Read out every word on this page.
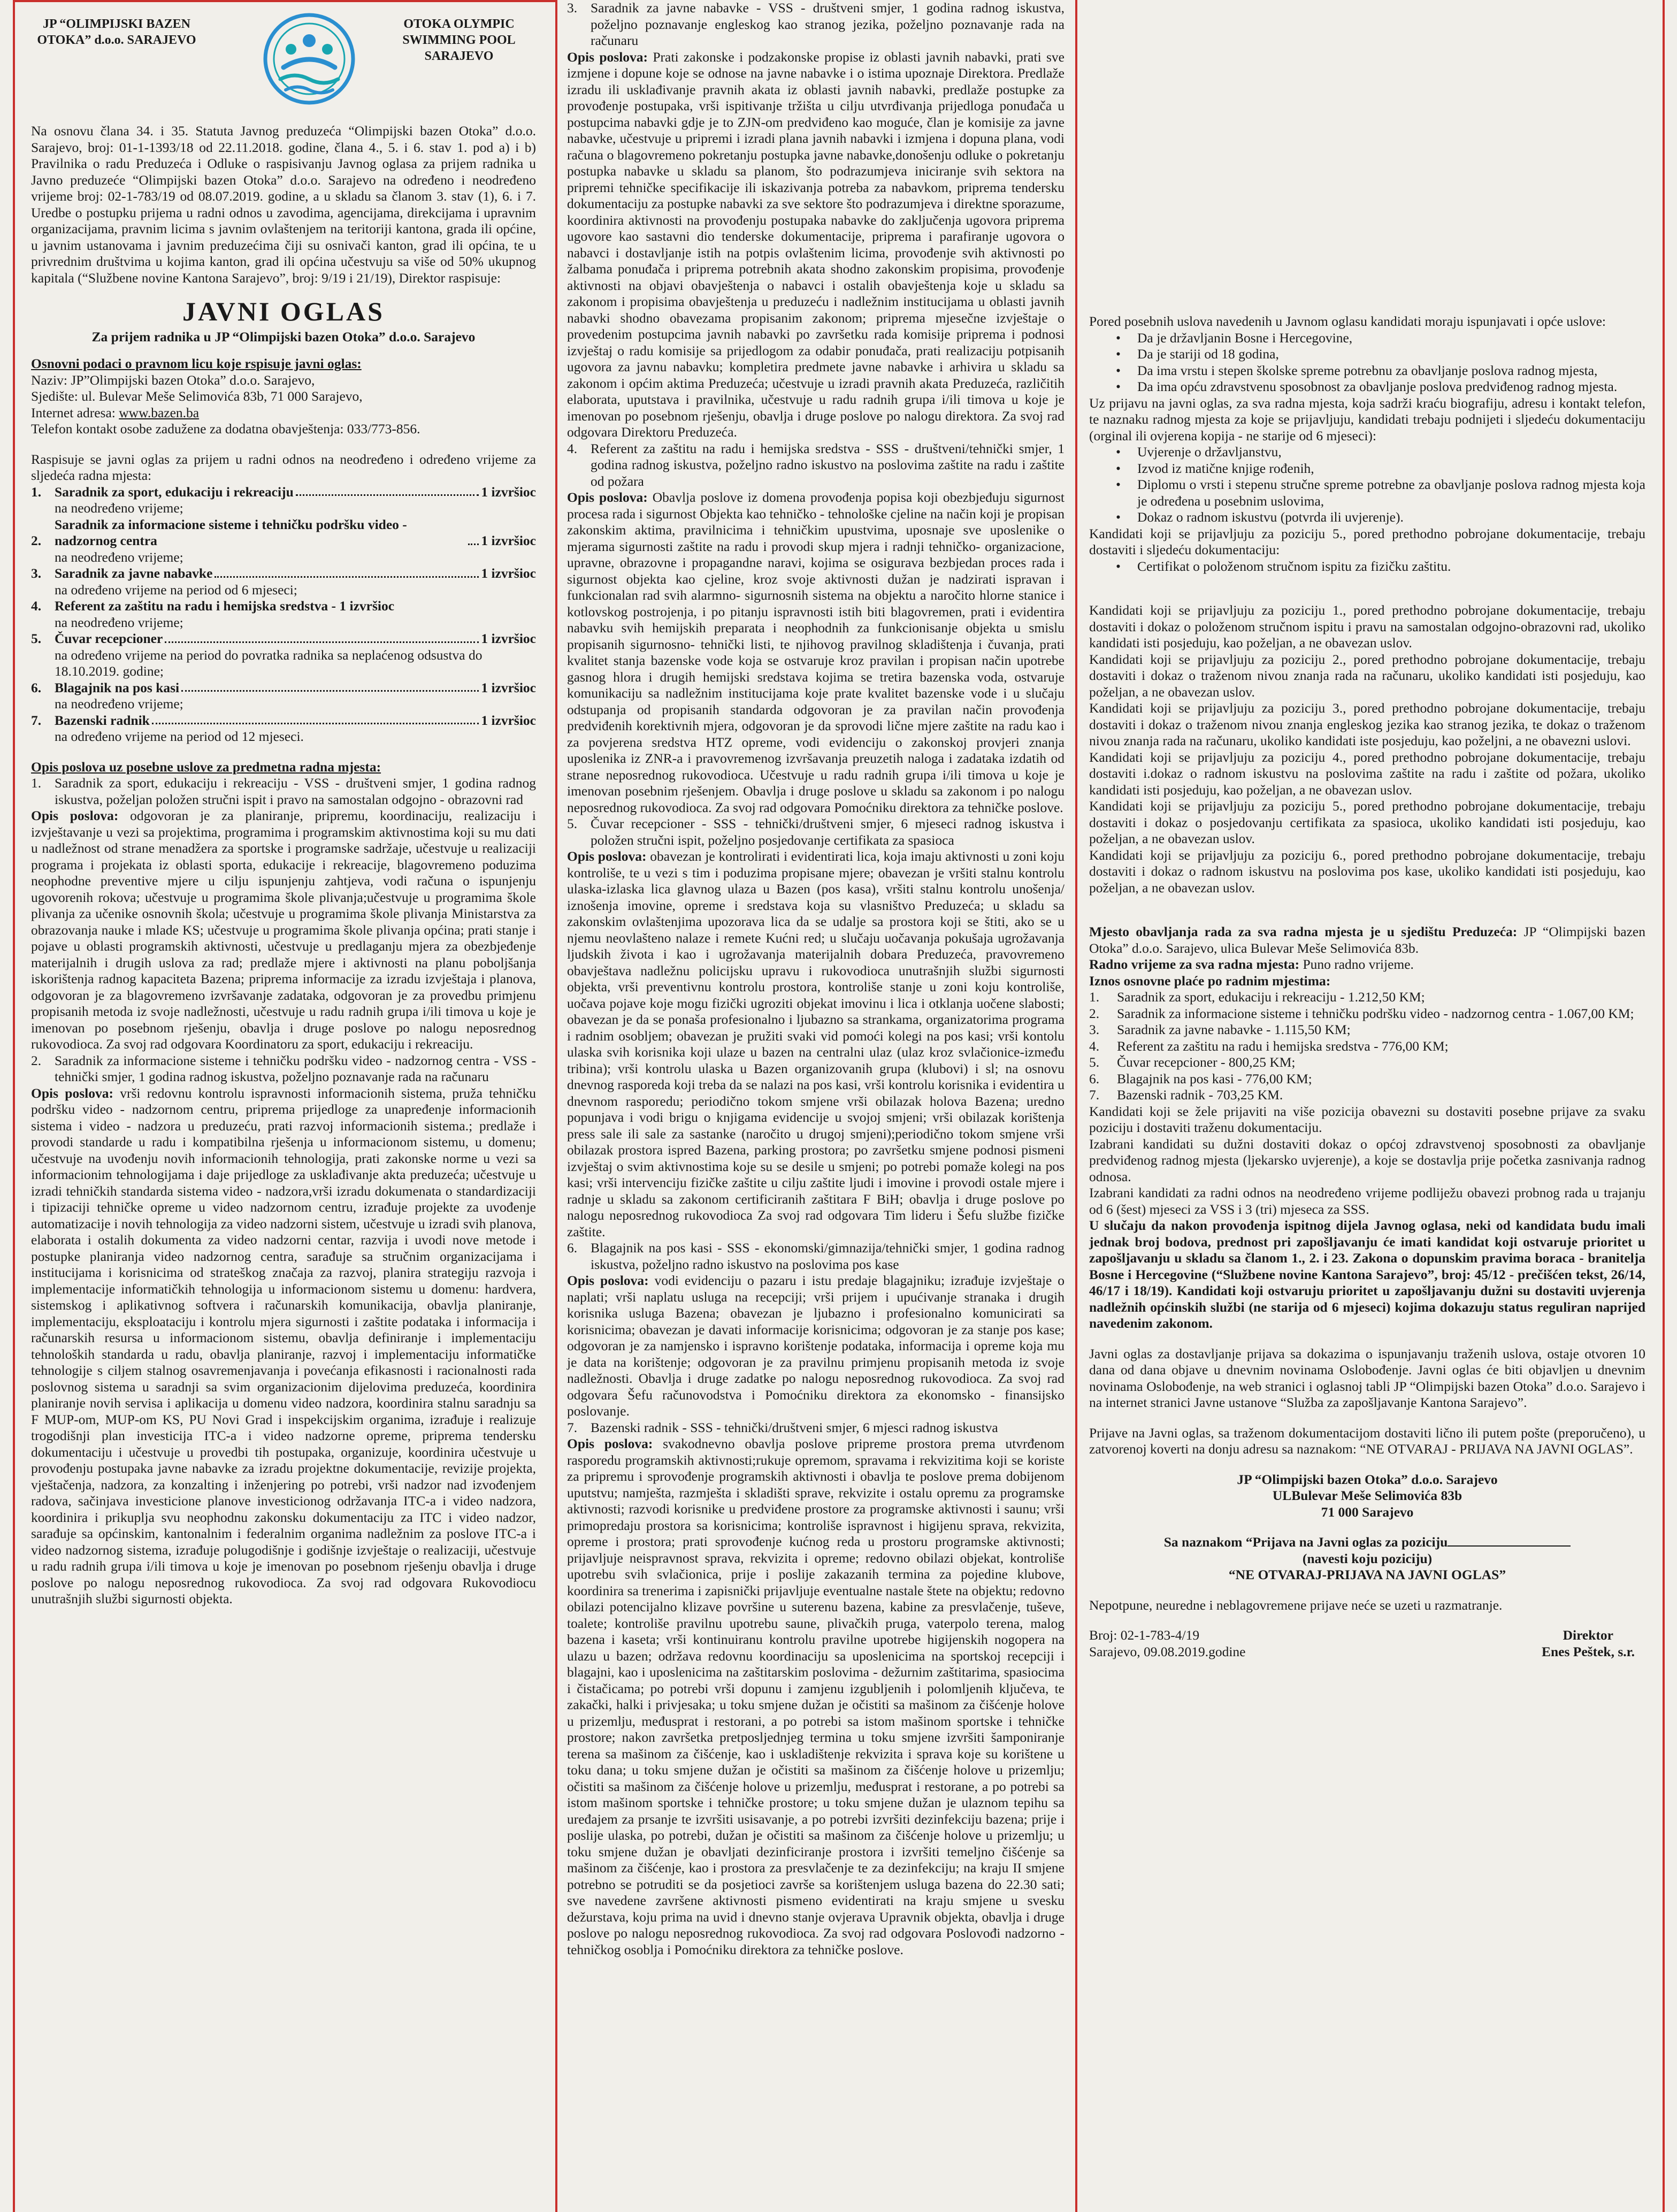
JP “OLIMPIJSKI BAZEN OTOKA” d.o.o. SARAJEVO
OTOKA OLYMPIC SWIMMING POOL SARAJEVO

Na osnovu člana 34. i 35. Statuta Javnog preduzeća “Olimpijski bazen Otoka” d.o.o. Sarajevo, broj: 01-1-1393/18 od 22.11.2018. godine, člana 4., 5. i 6. stav 1. pod a) i b) Pravilnika o radu Preduzeća i Odluke o raspisivanju Javnog oglasa za prijem radnika u Javno preduzeće “Olimpijski bazen Otoka” d.o.o. Sarajevo na određeno i neodređeno vrijeme broj: 02-1-783/19 od 08.07.2019. godine, a u skladu sa članom 3. stav (1), 6. i 7. Uredbe o postupku prijema u radni odnos u zavodima, agencijama, direkcijama i upravnim organizacijama, pravnim licima s javnim ovlaštenjem na teritoriji kantona, grada ili općine, u javnim ustanovama i javnim preduzećima čiji su osnivači kanton, grad ili općina, te u privrednim društvima u kojima kanton, grad ili općina učestvuju sa više od 50% ukupnog kapitala (“Službene novine Kantona Sarajevo”, broj: 9/19 i 21/19), Direktor raspisuje:

JAVNI OGLAS
Za prijem radnika u JP “Olimpijski bazen Otoka” d.o.o. Sarajevo

Osnovni podaci o pravnom licu koje rspisuje javni oglas:

Naziv: JP”Olimpijski bazen Otoka” d.o.o. Sarajevo,

Sjedište: ul. Bulevar Meše Selimovića 83b, 71 000 Sarajevo,

Internet adresa: www.bazen.ba

Telefon kontakt osobe zadužene za dodatna obavještenja: 033/773-856.

Raspisuje se javni oglas za prijem u radni odnos na neodređeno i određeno vrijeme za sljedeća radna mjesta:

1. Saradnik za sport, edukaciju i rekreaciju	1 izvršioc
na neodređeno vrijeme;
2.
Saradnik za informacione sisteme i tehničku podršku video - nadzornog centra	1 izvršioc
na neodređeno vrijeme;
3. Saradnik za javne nabavke	1 izvršioc
na određeno vrijeme na period od 6 mjeseci;
4. Referent za zaštitu na radu i hemijska sredstva - 1 izvršioc
na neodređeno vrijeme;
5. Čuvar recepcioner	1 izvršioc
na određeno vrijeme na period do povratka radnika sa neplaćenog odsustva do 18.10.2019. godine;
6. Blagajnik na pos kasi	1 izvršioc
na neodređeno vrijeme;
7. Bazenski radnik	1 izvršioc
na određeno vrijeme na period od 12 mjeseci.

Opis poslova uz posebne uslove za predmetna radna mjesta:

1. Saradnik za sport, edukaciju i rekreaciju - VSS - društveni smjer, 1 godina radnog iskustva, poželjan položen stručni ispit i pravo na samostalan odgojno - obrazovni rad

Opis poslova: odgovoran je za planiranje, pripremu, koordinaciju, realizaciju i izvještavanje u vezi sa projektima, programima i programskim aktivnostima koji su mu dati u nadležnost od strane menadžera za sportske i programske sadržaje, učestvuje u realizaciji programa i projekata iz oblasti sporta, edukacije i rekreacije, blagovremeno poduzima neophodne preventive mjere u cilju ispunjenju zahtjeva, vodi računa o ispunjenju ugovorenih rokova; učestvuje u programima škole plivanja;učestvuje u programima škole plivanja za učenike osnovnih škola; učestvuje u programima škole plivanja Ministarstva za obrazovanja nauke i mlade KS; učestvuje u programima škole plivanja općina; prati stanje i pojave u oblasti programskih aktivnosti, učestvuje u predlaganju mjera za obezbjeđenje materijalnih i drugih uslova za rad; predlaže mjere i aktivnosti na planu poboljšanja iskorištenja radnog kapaciteta Bazena; priprema informacije za izradu izvještaja i planova, odgovoran je za blagovremeno izvršavanje zadataka, odgovoran je za provedbu primjenu propisanih metoda iz svoje nadležnosti, učestvuje u radu radnih grupa i/ili timova u koje je imenovan po posebnom rješenju, obavlja i druge poslove po nalogu neposrednog rukovodioca. Za svoj rad odgovara Koordinatoru za sport, edukaciju i rekreaciju.

2. Saradnik za informacione sisteme i tehničku podršku video - nadzornog centra - VSS - tehnički smjer, 1 godina radnog iskustva, poželjno poznavanje rada na računaru

Opis poslova: vrši redovnu kontrolu ispravnosti informacionih sistema, pruža tehničku podršku video - nadzornom centru, priprema prijedloge za unapređenje informacionih sistema i video - nadzora u preduzeću, prati razvoj informacionih sistema.; predlaže i provodi standarde u radu i kompatibilna rješenja u informacionom sistemu, u domenu; učestvuje na uvođenju novih informacionih tehnologija, prati zakonske norme u vezi sa informacionim tehnologijama i daje prijedloge za usklađivanje akta preduzeća; učestvuje u izradi tehničkih standarda sistema video - nadzora,vrši izradu dokumenata o standardizaciji i tipizaciji tehničke opreme u video nadzornom centru, izrađuje projekte za uvođenje automatizacije i novih tehnologija za video nadzorni sistem, učestvuje u izradi svih planova, elaborata i ostalih dokumenta za video nadzorni centar, razvija i uvodi nove metode i postupke planiranja video nadzornog centra, sarađuje sa stručnim organizacijama i institucijama i korisnicima od strateškog značaja za razvoj, planira strategiju razvoja i implementacije informatičkih tehnologija u informacionom sistemu u domenu: hardvera, sistemskog i aplikativnog softvera i računarskih komunikacija, obavlja planiranje, implementaciju, eksploataciju i kontrolu mjera sigurnosti i zaštite podataka i informacija i računarskih resursa u informacionom sistemu, obavlja definiranje i implementaciju tehnoloških standarda u radu, obavlja planiranje, razvoj i implementaciju informatičke tehnologije s ciljem stalnog osavremenjavanja i povećanja efikasnosti i racionalnosti rada poslovnog sistema u saradnji sa svim organizacionim dijelovima preduzeća, koordinira planiranje novih servisa i aplikacija u domenu video nadzora, koordinira stalnu saradnju sa F MUP-om, MUP-om KS, PU Novi Grad i inspekcijskim organima, izrađuje i realizuje trogodišnji plan investicija ITC-a i video nadzorne opreme, priprema tendersku dokumentaciju i učestvuje u provedbi tih postupaka, organizuje, koordinira učestvuje u provođenju postupaka javne nabavke za izradu projektne dokumentacije, revizije projekta, vještačenja, nadzora, za konzalting i inženjering po potrebi, vrši nadzor nad izvođenjem radova, sačinjava investicione planove investicionog održavanja ITC-a i video nadzora, koordinira i prikuplja svu neophodnu zakonsku dokumentaciju za ITC i video nadzor, sarađuje sa općinskim, kantonalnim i federalnim organima nadležnim za poslove ITC-a i video nadzornog sistema, izrađuje polugodišnje i godišnje izvještaje o realizaciji, učestvuje u radu radnih grupa i/ili timova u koje je imenovan po posebnom rješenju obavlja i druge poslove po nalogu neposrednog rukovodioca. Za svoj rad odgovara Rukovodiocu unutrašnjih službi sigurnosti objekta.

3. Saradnik za javne nabavke - VSS - društveni smjer, 1 godina radnog iskustva, poželjno poznavanje engleskog kao stranog jezika, poželjno poznavanje rada na računaru

Opis poslova: Prati zakonske i podzakonske propise iz oblasti javnih nabavki, prati sve izmjene i dopune koje se odnose na javne nabavke i o istima upoznaje Direktora. Predlaže izradu ili usklađivanje pravnih akata iz oblasti javnih nabavki, predlaže postupke za provođenje postupaka, vrši ispitivanje tržišta u cilju utvrđivanja prijedloga ponuđača u postupcima nabavki gdje je to ZJN-om predviđeno kao moguće, član je komisije za javne nabavke, učestvuje u pripremi i izradi plana javnih nabavki i izmjena i dopuna plana, vodi računa o blagovremeno pokretanju postupka javne nabavke,donošenju odluke o pokretanju postupka nabavke u skladu sa planom, što podrazumjeva iniciranje svih sektora na pripremi tehničke specifikacije ili iskazivanja potreba za nabavkom, priprema tendersku dokumentaciju za postupke nabavki za sve sektore što podrazumjeva i direktne sporazume, koordinira aktivnosti na provođenju postupaka nabavke do zaključenja ugovora priprema ugovore kao sastavni dio tenderske dokumentacije, priprema i parafiranje ugovora o nabavci i dostavljanje istih na potpis ovlaštenim licima, provođenje svih aktivnosti po žalbama ponuđača i priprema potrebnih akata shodno zakonskim propisima, provođenje aktivnosti na objavi obavještenja o nabavci i ostalih obavještenja koje u skladu sa zakonom i propisima obavještenja u preduzeću i nadležnim institucijama u oblasti javnih nabavki shodno obavezama propisanim zakonom; priprema mjesečne izvještaje o provedenim postupcima javnih nabavki po završetku rada komisije priprema i podnosi izvještaj o radu komisije sa prijedlogom za odabir ponuđača, prati realizaciju potpisanih ugovora za javnu nabavku; kompletira predmete javne nabavke i arhivira u skladu sa zakonom i općim aktima Preduzeća; učestvuje u izradi pravnih akata Preduzeća, različitih elaborata, uputstava i pravilnika, učestvuje u radu radnih grupa i/ili timova u koje je imenovan po posebnom rješenju, obavlja i druge poslove po nalogu direktora. Za svoj rad odgovara Direktoru Preduzeća.

4. Referent za zaštitu na radu i hemijska sredstva - SSS - društveni/tehnički smjer, 1 godina radnog iskustva, poželjno radno iskustvo na poslovima zaštite na radu i zaštite od požara

Opis poslova: Obavlja poslove iz domena provođenja popisa koji obezbjeđuju sigurnost procesa rada i sigurnost Objekta kao tehničko - tehnološke cjeline na način koji je propisan zakonskim aktima, pravilnicima i tehničkim upustvima, uposnaje sve uposlenike o mjerama sigurnosti zaštite na radu i provodi skup mjera i radnji tehničko- organizacione, upravne, obrazovne i propagandne naravi, kojima se osigurava bezbjedan proces rada i sigurnost objekta kao cjeline, kroz svoje aktivnosti dužan je nadzirati ispravan i funkcionalan rad svih alarmno- sigurnosnih sistema na objektu a naročito hlorne stanice i kotlovskog postrojenja, i po pitanju ispravnosti istih biti blagovremen, prati i evidentira nabavku svih hemijskih preparata i neophodnih za funkcionisanje objekta u smislu propisanih sigurnosno- tehnički listi, te njihovog pravilnog skladištenja i čuvanja, prati kvalitet stanja bazenske vode koja se ostvaruje kroz pravilan i propisan način upotrebe gasnog hlora i drugih hemijski sredstava kojima se tretira bazenska voda, ostvaruje komunikaciju sa nadležnim institucijama koje prate kvalitet bazenske vode i u slučaju odstupanja od propisanih standarda odgovoran je za pravilan način provođenja predviđenih korektivnih mjera, odgovoran je da sprovodi lične mjere zaštite na radu kao i za povjerena sredstva HTZ opreme, vodi evidenciju o zakonskoj provjeri znanja uposlenika iz ZNR-a i pravovremenog izvršavanja preuzetih naloga i zadataka izdatih od strane neposrednog rukovodioca. Učestvuje u radu radnih grupa i/ili timova u koje je imenovan posebnim rješenjem. Obavlja i druge poslove u skladu sa zakonom i po nalogu neposrednog rukovodioca. Za svoj rad odgovara Pomoćniku direktora za tehničke poslove.

5. Čuvar recepcioner - SSS - tehnički/društveni smjer, 6 mjeseci radnog iskustva i položen stručni ispit, poželjno posjedovanje certifikata za spasioca

Opis poslova: obavezan je kontrolirati i evidentirati lica, koja imaju aktivnosti u zoni koju kontroliše, te u vezi s tim i poduzima propisane mjere; obavezan je vršiti stalnu kontrolu ulaska-izlaska lica glavnog ulaza u Bazen (pos kasa), vršiti stalnu kontrolu unošenja/ iznošenja imovine, opreme i sredstava koja su vlasništvo Preduzeća; u skladu sa zakonskim ovlaštenjima upozorava lica da se udalje sa prostora koji se štiti, ako se u njemu neovlašteno nalaze i remete Kućni red; u slučaju uočavanja pokušaja ugrožavanja ljudskih života i kao i ugrožavanja materijalnih dobara Preduzeća, pravovremeno obavještava nadležnu policijsku upravu i rukovodioca unutrašnjih službi sigurnosti objekta, vrši preventivnu kontrolu prostora, kontroliše stanje u zoni koju kontroliše, uočava pojave koje mogu fizički ugroziti objekat imovinu i lica i otklanja uočene slabosti; obavezan je da se ponaša profesionalno i ljubazno sa strankama, organizatorima programa i radnim osobljem; obavezan je pružiti svaki vid pomoći kolegi na pos kasi; vrši kontolu ulaska svih korisnika koji ulaze u bazen na centralni ulaz (ulaz kroz svlačionice-između tribina); vrši kontrolu ulaska u Bazen organizovanih grupa (klubovi) i sl; na osnovu dnevnog rasporeda koji treba da se nalazi na pos kasi, vrši kontrolu korisnika i evidentira u dnevnom rasporedu; periodično tokom smjene vrši obilazak holova Bazena; uredno popunjava i vodi brigu o knjigama evidencije u svojoj smjeni; vrši obilazak korištenja press sale ili sale za sastanke (naročito u drugoj smjeni);periodično tokom smjene vrši obilazak prostora ispred Bazena, parking prostora; po završetku smjene podnosi pismeni izvještaj o svim aktivnostima koje su se desile u smjeni; po potrebi pomaže kolegi na pos kasi; vrši intervenciju fizičke zaštite u cilju zaštite ljudi i imovine i provodi ostale mjere i radnje u skladu sa zakonom certificiranih zaštitara F BiH; obavlja i druge poslove po nalogu neposrednog rukovodioca Za svoj rad odgovara Tim lideru i Šefu službe fizičke zaštite.

6. Blagajnik na pos kasi - SSS - ekonomski/gimnazija/tehnički smjer, 1 godina radnog iskustva, poželjno radno iskustvo na poslovima pos kase

Opis poslova: vodi evidenciju o pazaru i istu predaje blagajniku; izrađuje izvještaje o naplati; vrši naplatu usluga na recepciji; vrši prijem i upućivanje stranaka i drugih korisnika usluga Bazena; obavezan je ljubazno i profesionalno komunicirati sa korisnicima; obavezan je davati informacije korisnicima; odgovoran je za stanje pos kase; odgovoran je za namjensko i ispravno korištenje podataka, informacija i opreme koja mu je data na korištenje; odgovoran je za pravilnu primjenu propisanih metoda iz svoje nadležnosti. Obavlja i druge zadatke po nalogu neposrednog rukovodioca. Za svoj rad odgovara Šefu računovodstva i Pomoćniku direktora za ekonomsko - finansijsko poslovanje.

7. Bazenski radnik - SSS - tehnički/društveni smjer, 6 mjesci radnog iskustva

Opis poslova: svakodnevno obavlja poslove pripreme prostora prema utvrđenom rasporedu programskih aktivnosti;rukuje opremom, spravama i rekvizitima koji se koriste za pripremu i sprovođenje programskih aktivnosti i obavlja te poslove prema dobijenom uputstvu; namješta, razmješta i skladišti sprave, rekvizite i ostalu opremu za programske aktivnosti; razvodi korisnike u predviđene prostore za programske aktivnosti i saunu; vrši primopredaju prostora sa korisnicima; kontroliše ispravnost i higijenu sprava, rekvizita, opreme i prostora; prati sprovođenje kućnog reda u prostoru programske aktivnosti; prijavljuje neispravnost sprava, rekvizita i opreme; redovno obilazi objekat, kontroliše upotrebu svih svlačionica, prije i poslije zakazanih termina za pojedine klubove, koordinira sa trenerima i zapisnički prijavljuje eventualne nastale štete na objektu; redovno obilazi potencijalno klizave površine u suterenu bazena, kabine za presvlačenje, tuševe, toalete; kontroliše pravilnu upotrebu saune, plivačkih pruga, vaterpolo terena, malog bazena i kaseta; vrši kontinuiranu kontrolu pravilne upotrebe higijenskih nogopera na ulazu u bazen; održava redovnu koordinaciju sa uposlenicima na sportskoj recepciji i blagajni, kao i uposlenicima na zaštitarskim poslovima - dežurnim zaštitarima, spasiocima i čistačicama; po potrebi vrši dopunu i zamjenu izgubljenih i polomljenih ključeva, te zakački, halki i privjesaka; u toku smjene dužan je očistiti sa mašinom za čišćenje holove u prizemlju, međusprat i restorani, a po potrebi sa istom mašinom sportske i tehničke prostore; nakon završetka pretposljednjeg termina u toku smjene izvršiti šamponiranje terena sa mašinom za čišćenje, kao i uskladištenje rekvizita i sprava koje su korištene u toku dana; u toku smjene dužan je očistiti sa mašinom za čišćenje holove u prizemlju; očistiti sa mašinom za čišćenje holove u prizemlju, međusprat i restorane, a po potrebi sa istom mašinom sportske i tehničke prostore; u toku smjene dužan je ulaznom tepihu sa uređajem za prsanje te izvršiti usisavanje, a po potrebi izvršiti dezinfekciju bazena; prije i poslije ulaska, po potrebi, dužan je očistiti sa mašinom za čišćenje holove u prizemlju; u toku smjene dužan je obavljati dezinficiranje prostora i izvršiti temeljno čišćenje sa mašinom za čišćenje, kao i prostora za presvlačenje te za dezinfekciju; na kraju II smjene potrebno se potruditi se da posjetioci završe sa korištenjem usluga bazena do 22.30 sati; sve navedene završene aktivnosti pismeno evidentirati na kraju smjene u svesku dežurstava, koju prima na uvid i dnevno stanje ovjerava Upravnik objekta, obavlja i druge poslove po nalogu neposrednog rukovodioca. Za svoj rad odgovara Poslovođi nadzorno - tehničkog osoblja i Pomoćniku direktora za tehničke poslove.

Pored posebnih uslova navedenih u Javnom oglasu kandidati moraju ispunjavati i opće uslove:

• Da je državljanin Bosne i Hercegovine,
• Da je stariji od 18 godina,
• Da ima vrstu i stepen školske spreme potrebnu za obavljanje poslova radnog mjesta,
• Da ima opću zdravstvenu sposobnost za obavljanje poslova predviđenog radnog mjesta.

Uz prijavu na javni oglas, za sva radna mjesta, koja sadrži kraću biografiju, adresu i kontakt telefon, te naznaku radnog mjesta za koje se prijavljuju, kandidati trebaju podnijeti i sljedeću dokumentaciju (orginal ili ovjerena kopija - ne starije od 6 mjeseci):

• Uvjerenje o državljanstvu,
• Izvod iz matične knjige rođenih,
• Diplomu o vrsti i stepenu stručne spreme potrebne za obavljanje poslova radnog mjesta koja je određena u posebnim uslovima,
• Dokaz o radnom iskustvu (potvrda ili uvjerenje).

Kandidati koji se prijavljuju za poziciju 5., pored prethodno pobrojane dokumentacije, trebaju dostaviti i sljedeću dokumentaciju:

• Certifikat o položenom stručnom ispitu za fizičku zaštitu.

Kandidati koji se prijavljuju za poziciju 1., pored prethodno pobrojane dokumentacije, trebaju dostaviti i dokaz o položenom stručnom ispitu i pravu na samostalan odgojno-obrazovni rad, ukoliko kandidati isti posjeduju, kao poželjan, a ne obavezan uslov.

Kandidati koji se prijavljuju za poziciju 2., pored prethodno pobrojane dokumentacije, trebaju dostaviti i dokaz o traženom nivou znanja rada na računaru, ukoliko kandidati isti posjeduju, kao poželjan, a ne obavezan uslov.

Kandidati koji se prijavljuju za poziciju 3., pored prethodno pobrojane dokumentacije, trebaju dostaviti i dokaz o traženom nivou znanja engleskog jezika kao stranog jezika, te dokaz o traženom nivou znanja rada na računaru, ukoliko kandidati iste posjeduju, kao poželjni, a ne obavezni uslovi.

Kandidati koji se prijavljuju za poziciju 4., pored prethodno pobrojane dokumentacije, trebaju dostaviti i.dokaz o radnom iskustvu na poslovima zaštite na radu i zaštite od požara, ukoliko kandidati isti posjeduju, kao poželjan, a ne obavezan uslov.

Kandidati koji se prijavljuju za poziciju 5., pored prethodno pobrojane dokumentacije, trebaju dostaviti i dokaz o posjedovanju certifikata za spasioca, ukoliko kandidati isti posjeduju, kao poželjan, a ne obavezan uslov.

Kandidati koji se prijavljuju za poziciju 6., pored prethodno pobrojane dokumentacije, trebaju dostaviti i dokaz o radnom iskustvu na poslovima pos kase, ukoliko kandidati isti posjeduju, kao poželjan, a ne obavezan uslov.

Mjesto obavljanja rada za sva radna mjesta je u sjedištu Preduzeća: JP “Olimpijski bazen Otoka” d.o.o. Sarajevo, ulica Bulevar Meše Selimovića 83b.

Radno vrijeme za sva radna mjesta: Puno radno vrijeme.

Iznos osnovne plaće po radnim mjestima:

1.	Saradnik za sport, edukaciju i rekreaciju - 1.212,50 KM;
2.	Saradnik za informacione sisteme i tehničku podršku video - nadzornog centra - 1.067,00 KM;
3.	Saradnik za javne nabavke - 1.115,50 KM;
4.	Referent za zaštitu na radu i hemijska sredstva - 776,00 KM;
5.	Čuvar recepcioner - 800,25 KM;
6.	Blagajnik na pos kasi - 776,00 KM;
7.	Bazenski radnik - 703,25 KM.

Kandidati koji se žele prijaviti na više pozicija obavezni su dostaviti posebne prijave za svaku poziciju i dostaviti traženu dokumentaciju.

Izabrani kandidati su dužni dostaviti dokaz o općoj zdravstvenoj sposobnosti za obavljanje predviđenog radnog mjesta (ljekarsko uvjerenje), a koje se dostavlja prije početka zasnivanja radnog odnosa.

Izabrani kandidati za radni odnos na neodređeno vrijeme podliježu obavezi probnog rada u trajanju od 6 (šest) mjeseci za VSS i 3 (tri) mjeseca za SSS.

U slučaju da nakon provođenja ispitnog dijela Javnog oglasa, neki od kandidata budu imali jednak broj bodova, prednost pri zapošljavanju će imati kandidat koji ostvaruje prioritet u zapošljavanju u skladu sa članom 1., 2. i 23. Zakona o dopunskim pravima boraca - branitelja Bosne i Hercegovine (“Službene novine Kantona Sarajevo”, broj: 45/12 - prečišćen tekst, 26/14, 46/17 i 18/19). Kandidati koji ostvaruju prioritet u zapošljavanju dužni su dostaviti uvjerenja nadležnih općinskih službi (ne starija od 6 mjeseci) kojima dokazuju status reguliran naprijed navedenim zakonom.

Javni oglas za dostavljanje prijava sa dokazima o ispunjavanju traženih uslova, ostaje otvoren 10 dana od dana objave u dnevnim novinama Oslobođenje. Javni oglas će biti objavljen u dnevnim novinama Oslobođenje, na web stranici i oglasnoj tabli JP “Olimpijski bazen Otoka” d.o.o. Sarajevo i na internet stranici Javne ustanove “Služba za zapošljavanje Kantona Sarajevo”.

Prijave na Javni oglas, sa traženom dokumentacijom dostaviti lično ili putem pošte (preporučeno), u zatvorenoj koverti na donju adresu sa naznakom: “NE OTVARAJ - PRIJAVA NA JAVNI OGLAS”.

JP “Olimpijski bazen Otoka” d.o.o. Sarajevo
ULBulevar Meše Selimovića 83b
71 000 Sarajevo
Sa naznakom “Prijava na Javni oglas za poziciju
(navesti koju poziciju)
“NE OTVARAJ-PRIJAVA NA JAVNI OGLAS”

Nepotpune, neuredne i neblagovremene prijave neće se uzeti u razmatranje.

Broj: 02-1-783-4/19	Direktor
Sarajevo, 09.08.2019.godine	Enes Peštek, s.r.
